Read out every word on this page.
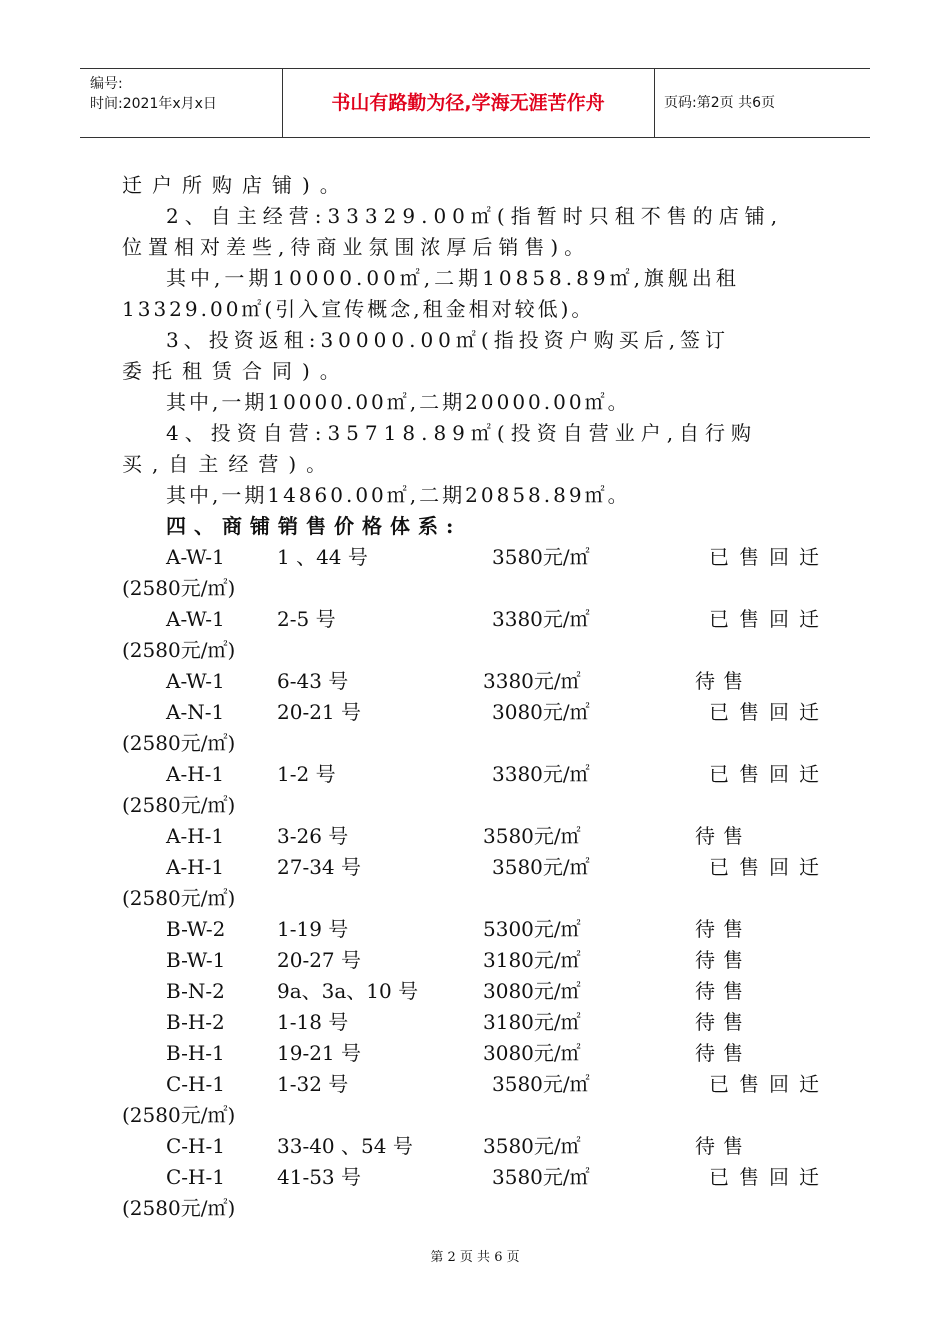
编号:
时间:2021年x月x日	书山有路勤为径,学海无涯苦作舟	页码:第2页 共6页
迁户所购店铺)。
2、自主经营:33329.00㎡(指暂时只租不售的店铺,
位置相对差些,待商业氛围浓厚后销售)。
其中,一期10000.00㎡,二期10858.89㎡,旗舰出租
13329.00㎡(引入宣传概念,租金相对较低)。
3、投资返租:30000.00㎡(指投资户购买后,签订
委托租赁合同)。
其中,一期10000.00㎡,二期20000.00㎡。
4、投资自营:35718.89㎡(投资自营业户,自行购
买,自主经营)。
其中,一期14860.00㎡,二期20858.89㎡。
四、商铺销售价格体系:
A-W-1	1 、44 号	3580元/㎡	已售回迁
(2580元/㎡)
A-W-1	2-5 号	3380元/㎡	已售回迁
(2580元/㎡)
A-W-1	6-43 号	3380元/㎡	待售
A-N-1	20-21 号	3080元/㎡	已售回迁
(2580元/㎡)
A-H-1	1-2 号	3380元/㎡	已售回迁
(2580元/㎡)
A-H-1	3-26 号	3580元/㎡	待售
A-H-1	27-34 号	3580元/㎡	已售回迁
(2580元/㎡)
B-W-2	1-19 号	5300元/㎡	待售
B-W-1	20-27 号	3180元/㎡	待售
B-N-2	9a、3a、10 号	3080元/㎡	待售
B-H-2	1-18 号	3180元/㎡	待售
B-H-1	19-21 号	3080元/㎡	待售
C-H-1	1-32 号	3580元/㎡	已售回迁
(2580元/㎡)
C-H-1	33-40 、54 号	3580元/㎡	待售
C-H-1	41-53 号	3580元/㎡	已售回迁
(2580元/㎡)
第 2 页 共 6 页
